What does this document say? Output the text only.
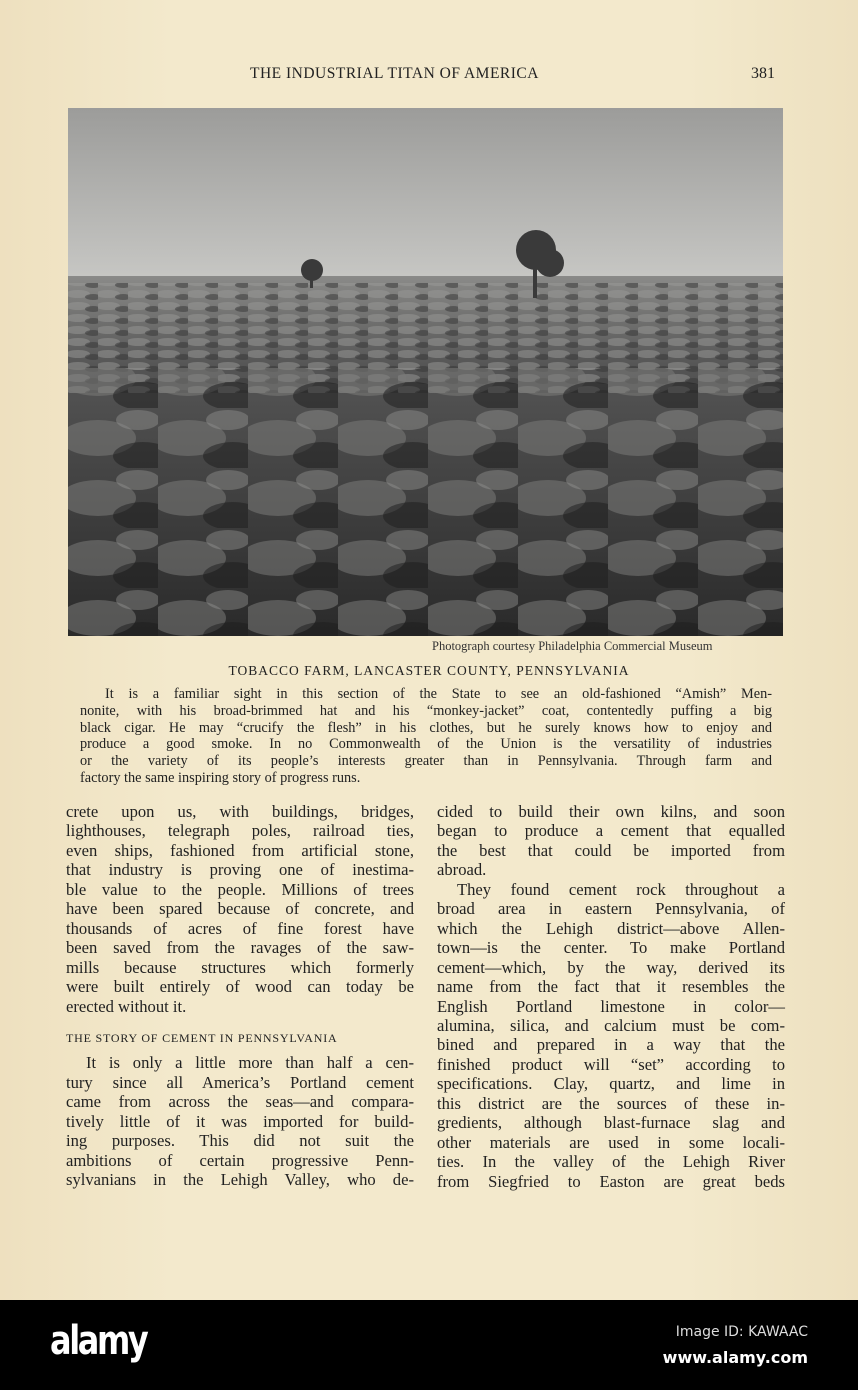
THE INDUSTRIAL TITAN OF AMERICA	381
Photograph courtesy Philadelphia Commercial Museum
TOBACCO FARM, LANCASTER COUNTY, PENNSYLVANIA
It is a familiar sight in this section of the State to see an old-fashioned “Amish” Men-
nonite, with his broad-brimmed hat and his “monkey-jacket” coat, contentedly puffing a big
black cigar. He may “crucify the flesh” in his clothes, but he surely knows how to enjoy and
produce a good smoke. In no Commonwealth of the Union is the versatility of industries
or the variety of its people’s interests greater than in Pennsylvania. Through farm and
factory the same inspiring story of progress runs.
crete upon us, with buildings, bridges,
lighthouses, telegraph poles, railroad ties,
even ships, fashioned from artificial stone,
that industry is proving one of inestima-
ble value to the people. Millions of trees
have been spared because of concrete, and
thousands of acres of fine forest have
been saved from the ravages of the saw-
mills because structures which formerly
were built entirely of wood can today be
erected without it.
THE STORY OF CEMENT IN PENNSYLVANIA
It is only a little more than half a cen-
tury since all America’s Portland cement
came from across the seas—and compara-
tively little of it was imported for build-
ing purposes. This did not suit the
ambitions of certain progressive Penn-
sylvanians in the Lehigh Valley, who de-
cided to build their own kilns, and soon
began to produce a cement that equalled
the best that could be imported from
abroad.
They found cement rock throughout a
broad area in eastern Pennsylvania, of
which the Lehigh district—above Allen-
town—is the center. To make Portland
cement—which, by the way, derived its
name from the fact that it resembles the
English Portland limestone in color—
alumina, silica, and calcium must be com-
bined and prepared in a way that the
finished product will “set” according to
specifications. Clay, quartz, and lime in
this district are the sources of these in-
gredients, although blast-furnace slag and
other materials are used in some locali-
ties. In the valley of the Lehigh River
from Siegfried to Easton are great beds
alamy	Image ID: KAWAAC
www.alamy.com
